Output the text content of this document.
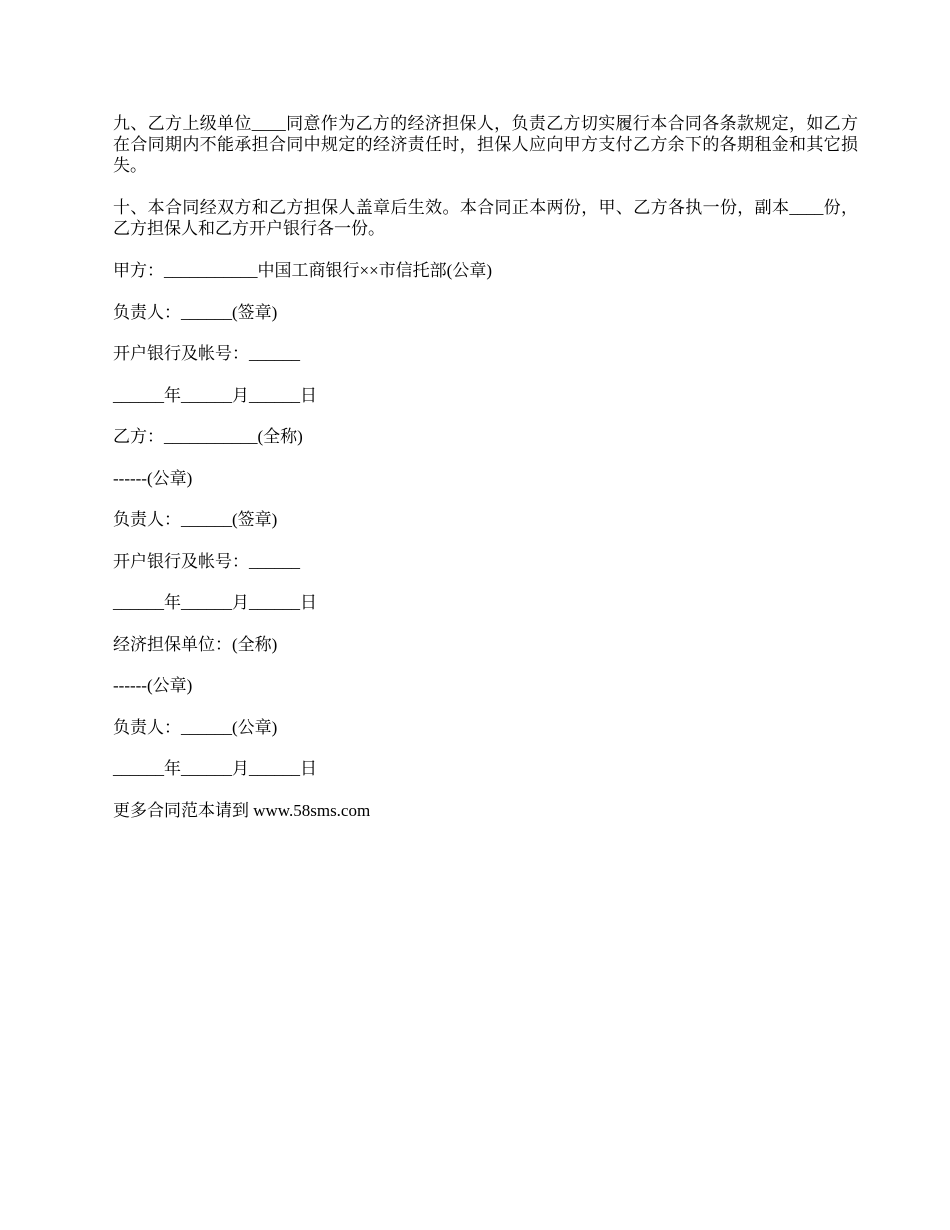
九、乙方上级单位____同意作为乙方的经济担保人，负责乙方切实履行本合同各条款规定，如乙方在合同期内不能承担合同中规定的经济责任时，担保人应向甲方支付乙方余下的各期租金和其它损失。

十、本合同经双方和乙方担保人盖章后生效。本合同正本两份，甲、乙方各执一份，副本____份，乙方担保人和乙方开户银行各一份。

甲方：___________中国工商银行××市信托部(公章)

负责人：______(签章)

开户银行及帐号：______

______年______月______日

乙方：___________(全称)

------(公章)

负责人：______(签章)

开户银行及帐号：______

______年______月______日

经济担保单位：(全称)

------(公章)

负责人：______(公章)

______年______月______日

更多合同范本请到 www.58sms.com
